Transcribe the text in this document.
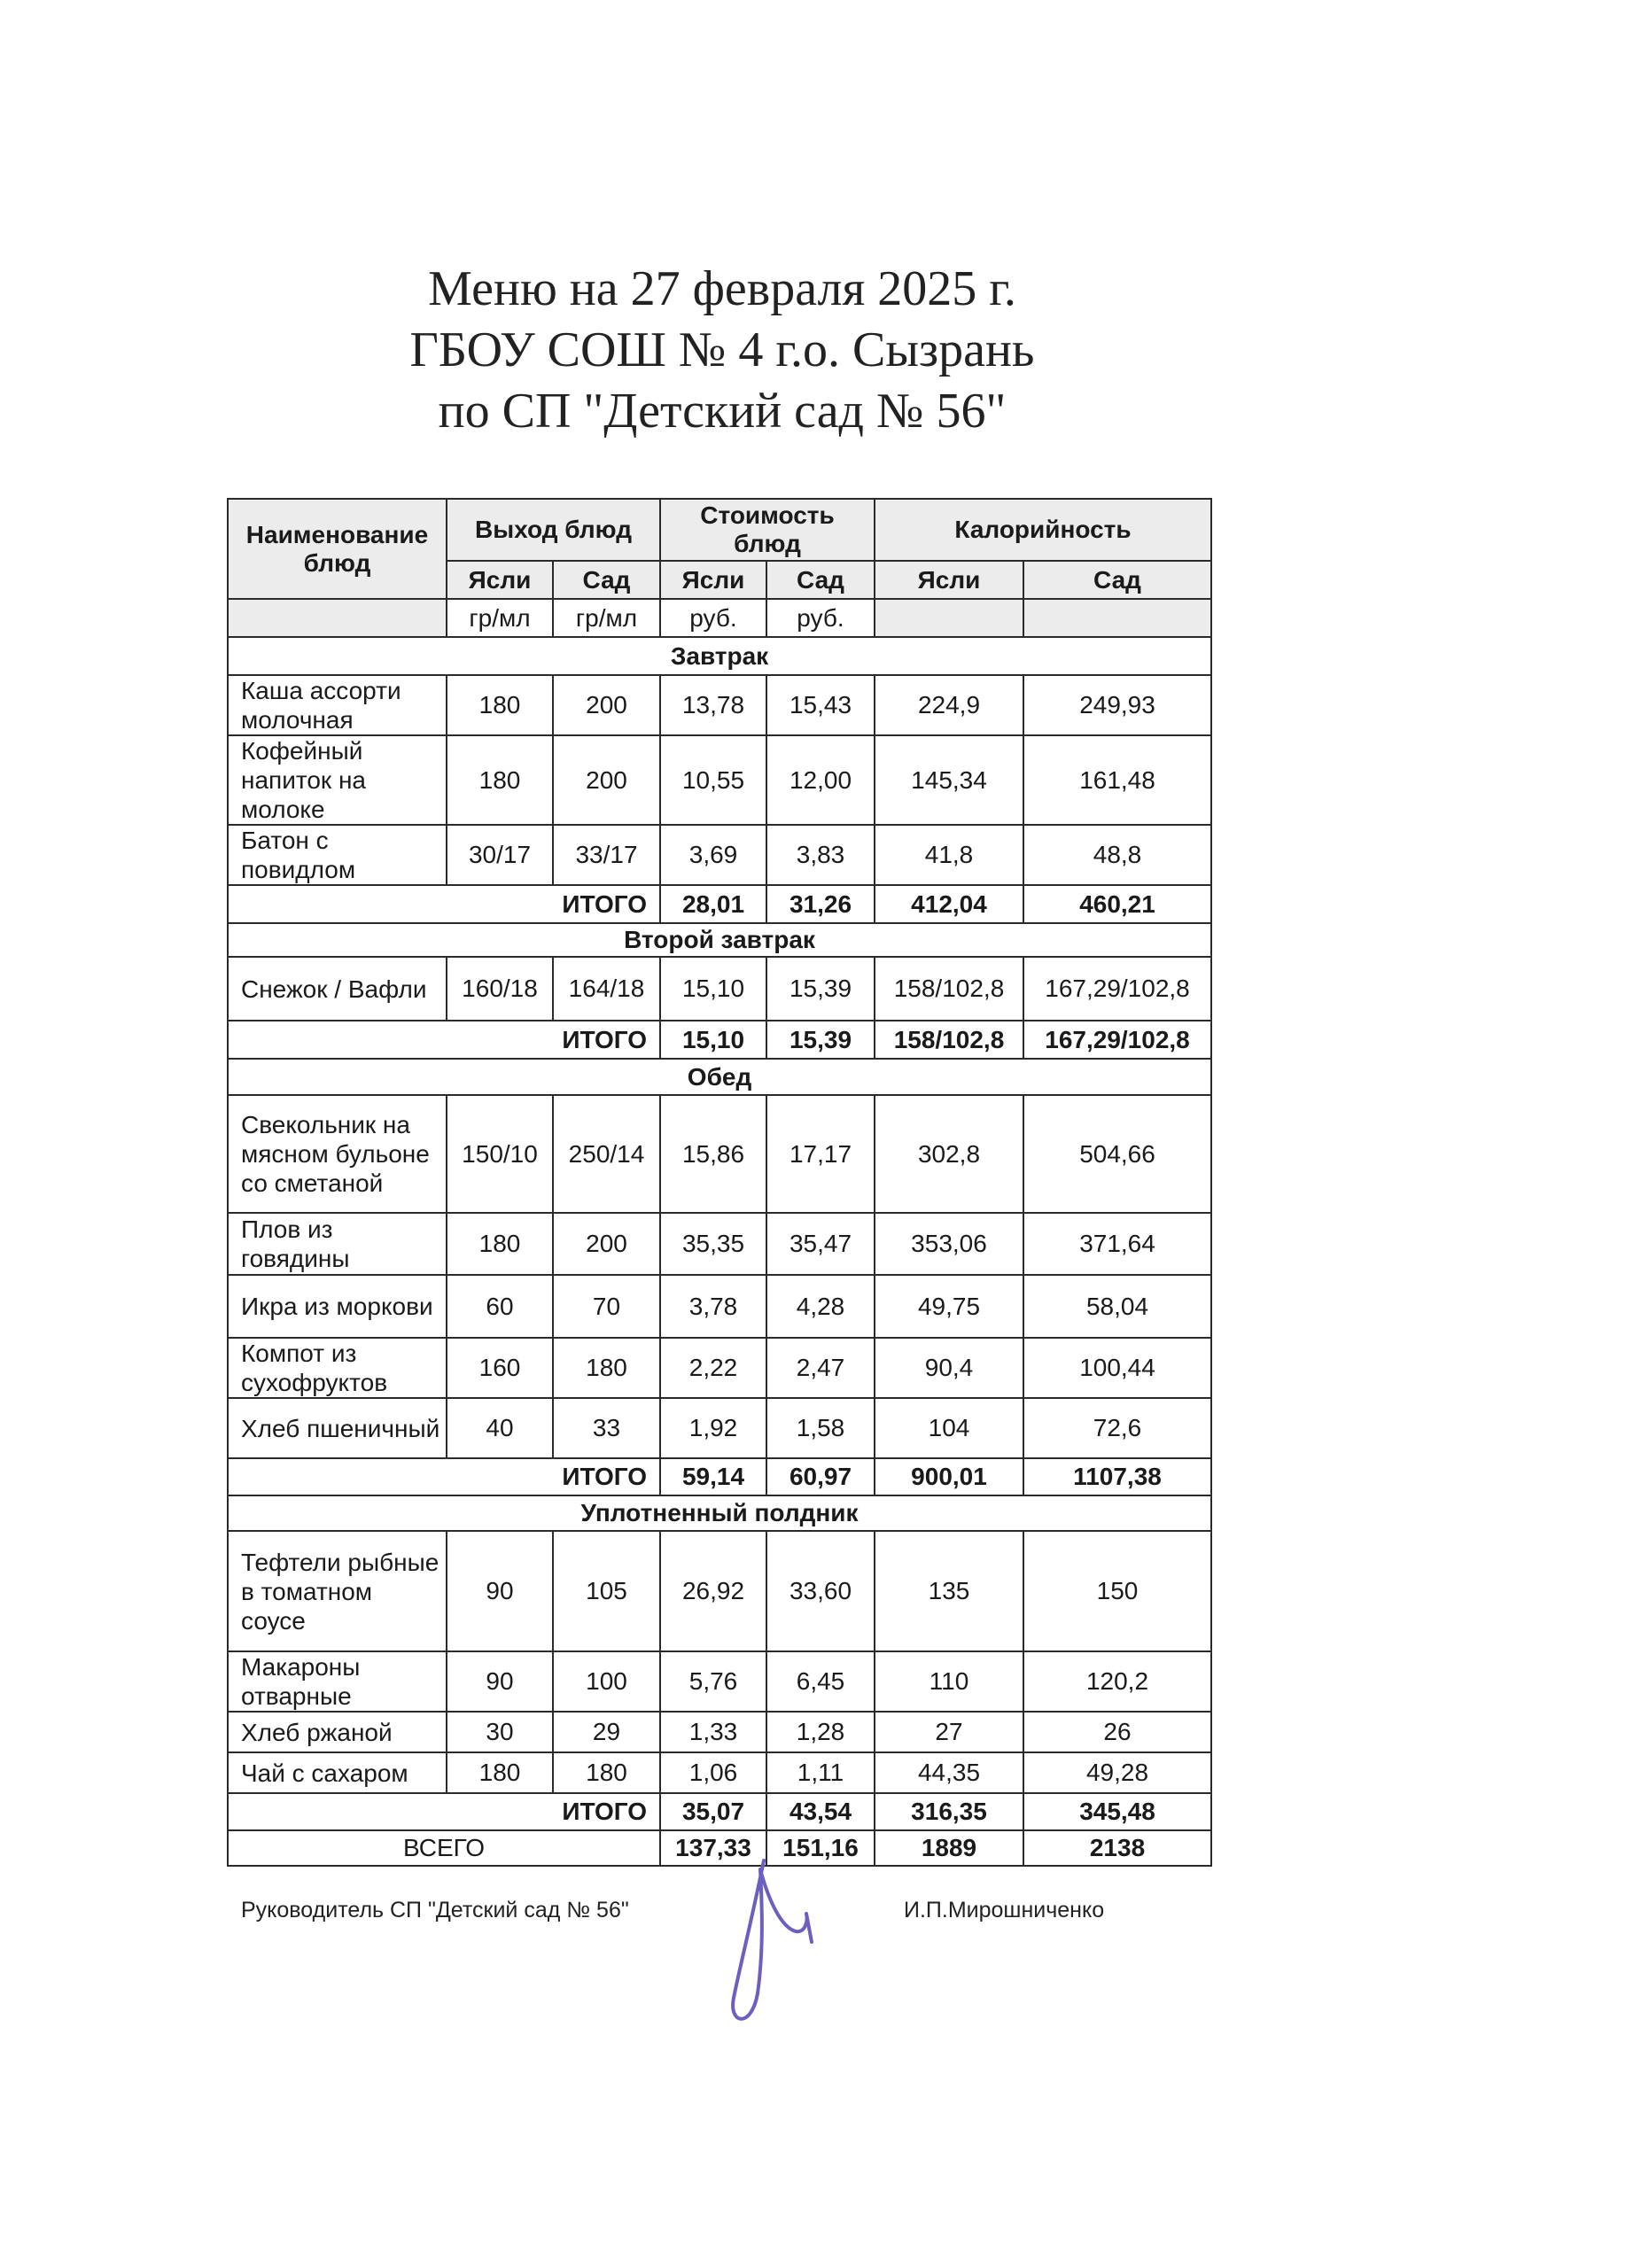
Меню на 27 февраля 2025 г.
ГБОУ СОШ № 4 г.о. Сызрань
по СП "Детский сад № 56"
Наименование блюд	Выход блюд		Стоимость блюд		Калорийность	
	Ясли	Сад	Ясли	Сад	Ясли	Сад
	гр/мл	гр/мл	руб.	руб.		
Завтрак						
Каша ассорти молочная	180	200	13,78	15,43	224,9	249,93
Кофейный напиток на молоке	180	200	10,55	12,00	145,34	161,48
Батон с повидлом	30/17	33/17	3,69	3,83	41,8	48,8
ИТОГО			28,01	31,26	412,04	460,21
Второй завтрак						
Снежок / Вафли	160/18	164/18	15,10	15,39	158/102,8	167,29/102,8
ИТОГО			15,10	15,39	158/102,8	167,29/102,8
Обед						
Свекольник на мясном бульоне со сметаной	150/10	250/14	15,86	17,17	302,8	504,66
Плов из говядины	180	200	35,35	35,47	353,06	371,64
Икра из моркови	60	70	3,78	4,28	49,75	58,04
Компот из сухофруктов	160	180	2,22	2,47	90,4	100,44
Хлеб пшеничный	40	33	1,92	1,58	104	72,6
ИТОГО			59,14	60,97	900,01	1107,38
Уплотненный полдник						
Тефтели рыбные в томатном соусе	90	105	26,92	33,60	135	150
Макароны отварные	90	100	5,76	6,45	110	120,2
Хлеб ржаной	30	29	1,33	1,28	27	26
Чай с сахаром	180	180	1,06	1,11	44,35	49,28
ИТОГО			35,07	43,54	316,35	345,48
ВСЕГО			137,33	151,16	1889	2138
Руководитель СП "Детский сад № 56"	И.П.Мирошниченко
